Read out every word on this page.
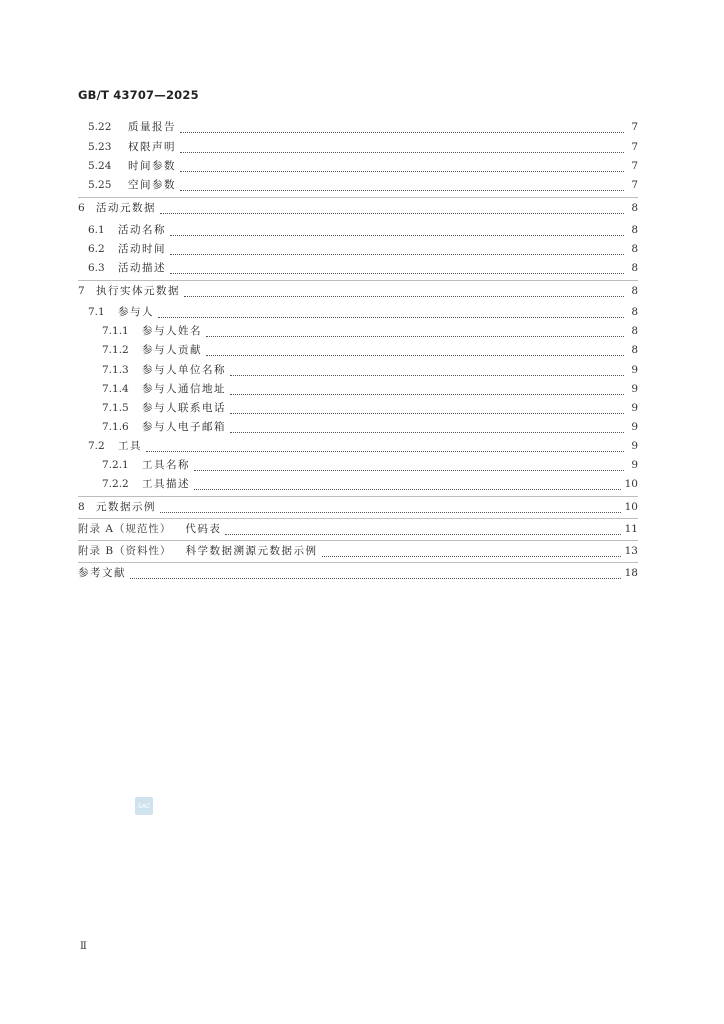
GB/T 43707—2025
5.22	质量报告	7
5.23	权限声明	7
5.24	时间参数	7
5.25	空间参数	7
6	活动元数据	8
6.1	活动名称	8
6.2	活动时间	8
6.3	活动描述	8
7	执行实体元数据	8
7.1	参与人	8
7.1.1	参与人姓名	8
7.1.2	参与人贡献	8
7.1.3	参与人单位名称	9
7.1.4	参与人通信地址	9
7.1.5	参与人联系电话	9
7.1.6	参与人电子邮箱	9
7.2	工具	9
7.2.1	工具名称	9
7.2.2	工具描述	10
8	元数据示例	10
附录 A（规范性） 代码表	11
附录 B（资料性） 科学数据溯源元数据示例	13
参考文献	18
SAC
Ⅱ
